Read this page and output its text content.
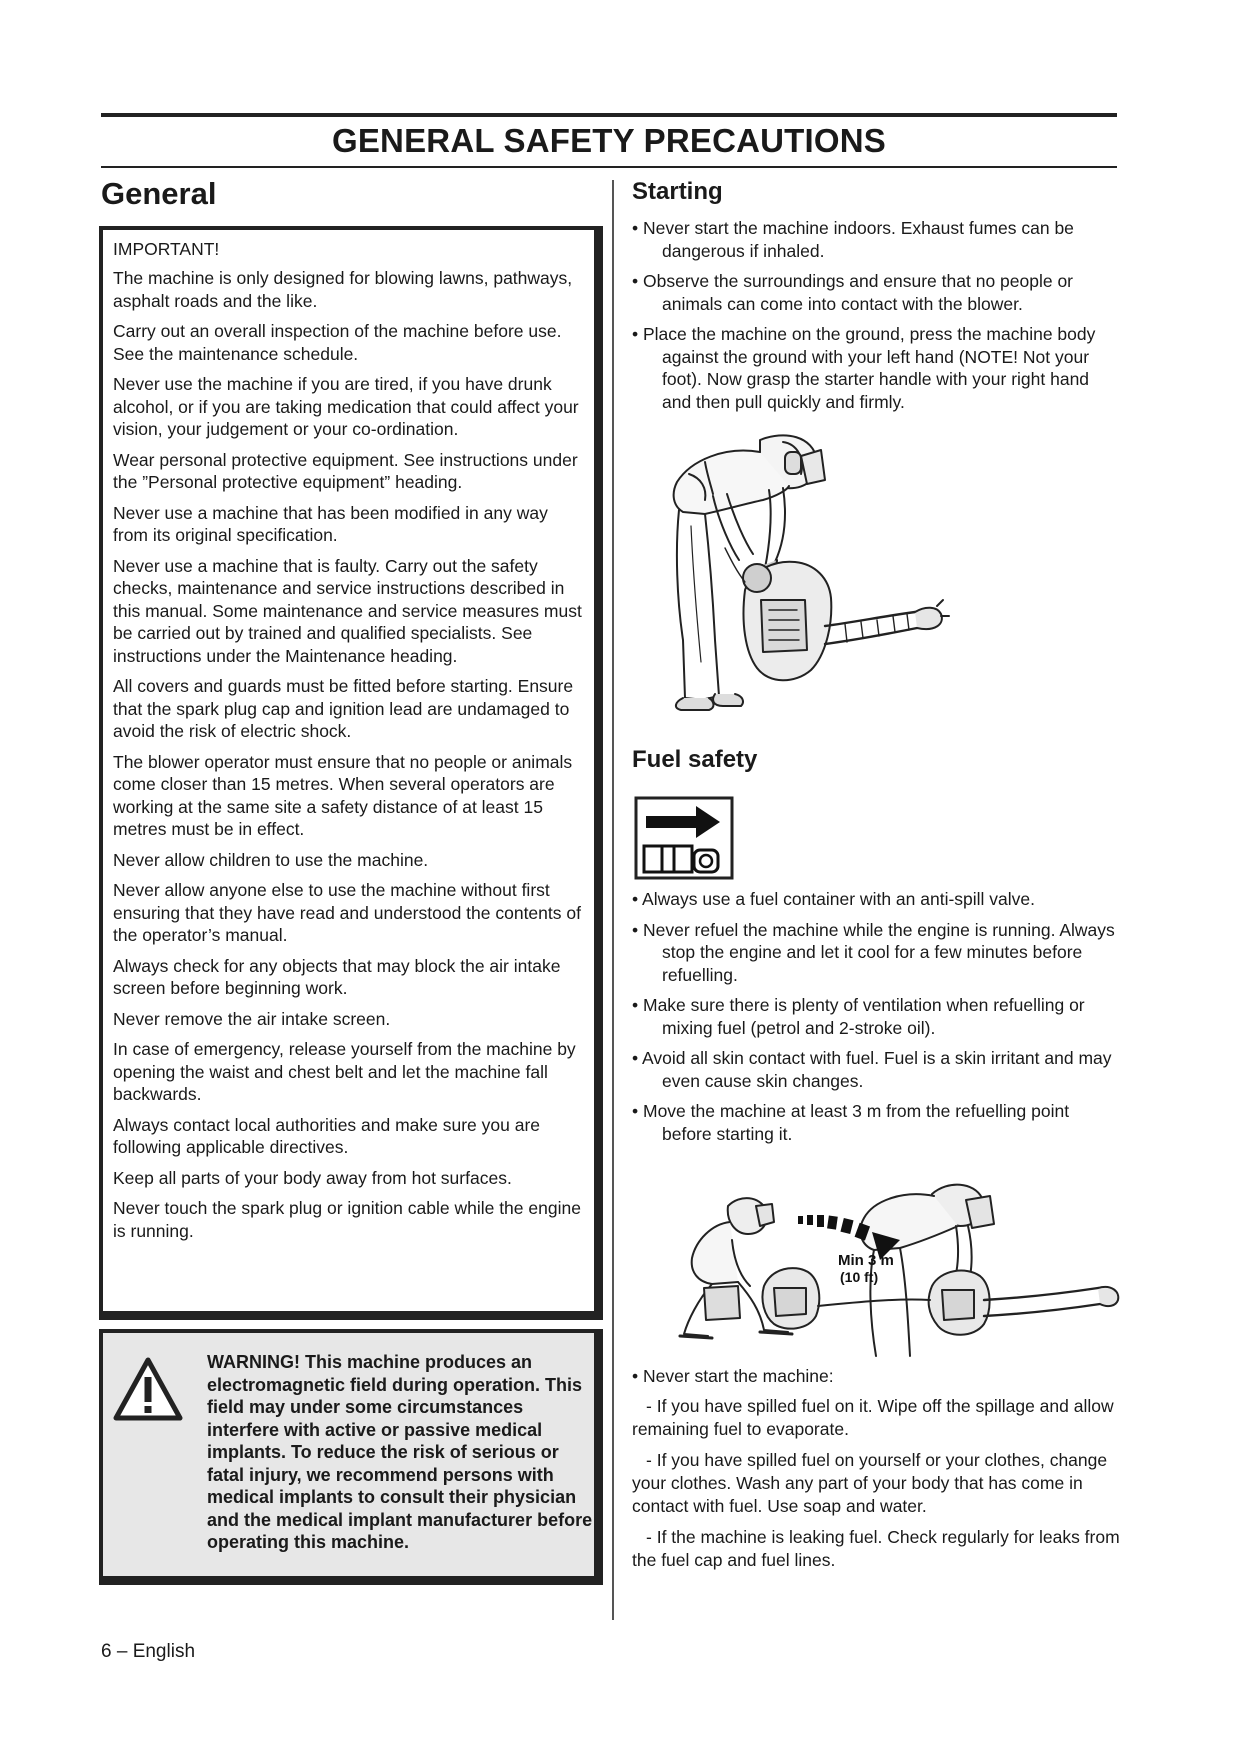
GENERAL SAFETY PRECAUTIONS
General
IMPORTANT!

The machine is only designed for blowing lawns, pathways, asphalt roads and the like.

Carry out an overall inspection of the machine before use. See the maintenance schedule.

Never use the machine if you are tired, if you have drunk alcohol, or if you are taking medication that could affect your vision, your judgement or your co-ordination.

Wear personal protective equipment. See instructions under the ”Personal protective equipment” heading.

Never use a machine that has been modified in any way from its original specification.

Never use a machine that is faulty. Carry out the safety checks, maintenance and service instructions described in this manual. Some maintenance and service measures must be carried out by trained and qualified specialists. See instructions under the Maintenance heading.

All covers and guards must be fitted before starting. Ensure that the spark plug cap and ignition lead are undamaged to avoid the risk of electric shock.

The blower operator must ensure that no people or animals come closer than 15 metres. When several operators are working at the same site a safety distance of at least 15 metres must be in effect.

Never allow children to use the machine.

Never allow anyone else to use the machine without first ensuring that they have read and understood the contents of the operator’s manual.

Always check for any objects that may block the air intake screen before beginning work.

Never remove the air intake screen.

In case of emergency, release yourself from the machine by opening the waist and chest belt and let the machine fall backwards.

Always contact local authorities and make sure you are following applicable directives.

Keep all parts of your body away from hot surfaces.

Never touch the spark plug or ignition cable while the engine is running.

WARNING! This machine produces an electromagnetic field during operation. This field may under some circumstances interfere with active or passive medical implants. To reduce the risk of serious or fatal injury, we recommend persons with medical implants to consult their physician and the medical implant manufacturer before operating this machine.
6 – English
Starting
• Never start the machine indoors. Exhaust fumes can be dangerous if inhaled.
• Observe the surroundings and ensure that no people or animals can come into contact with the blower.
• Place the machine on the ground, press the machine body against the ground with your left hand (NOTE! Not your foot). Now grasp the starter handle with your right hand and then pull quickly and firmly.
Fuel safety
• Always use a fuel container with an anti-spill valve.
• Never refuel the machine while the engine is running. Always stop the engine and let it cool for a few minutes before refuelling.
• Make sure there is plenty of ventilation when refuelling or mixing fuel (petrol and 2-stroke oil).
• Avoid all skin contact with fuel. Fuel is a skin irritant and may even cause skin changes.
• Move the machine at least 3 m from the refuelling point before starting it.
Min 3 m
(10 ft)
• Never start the machine:
- If you have spilled fuel on it. Wipe off the spillage and allow remaining fuel to evaporate.
- If you have spilled fuel on yourself or your clothes, change your clothes. Wash any part of your body that has come in contact with fuel. Use soap and water.
- If the machine is leaking fuel. Check regularly for leaks from the fuel cap and fuel lines.
